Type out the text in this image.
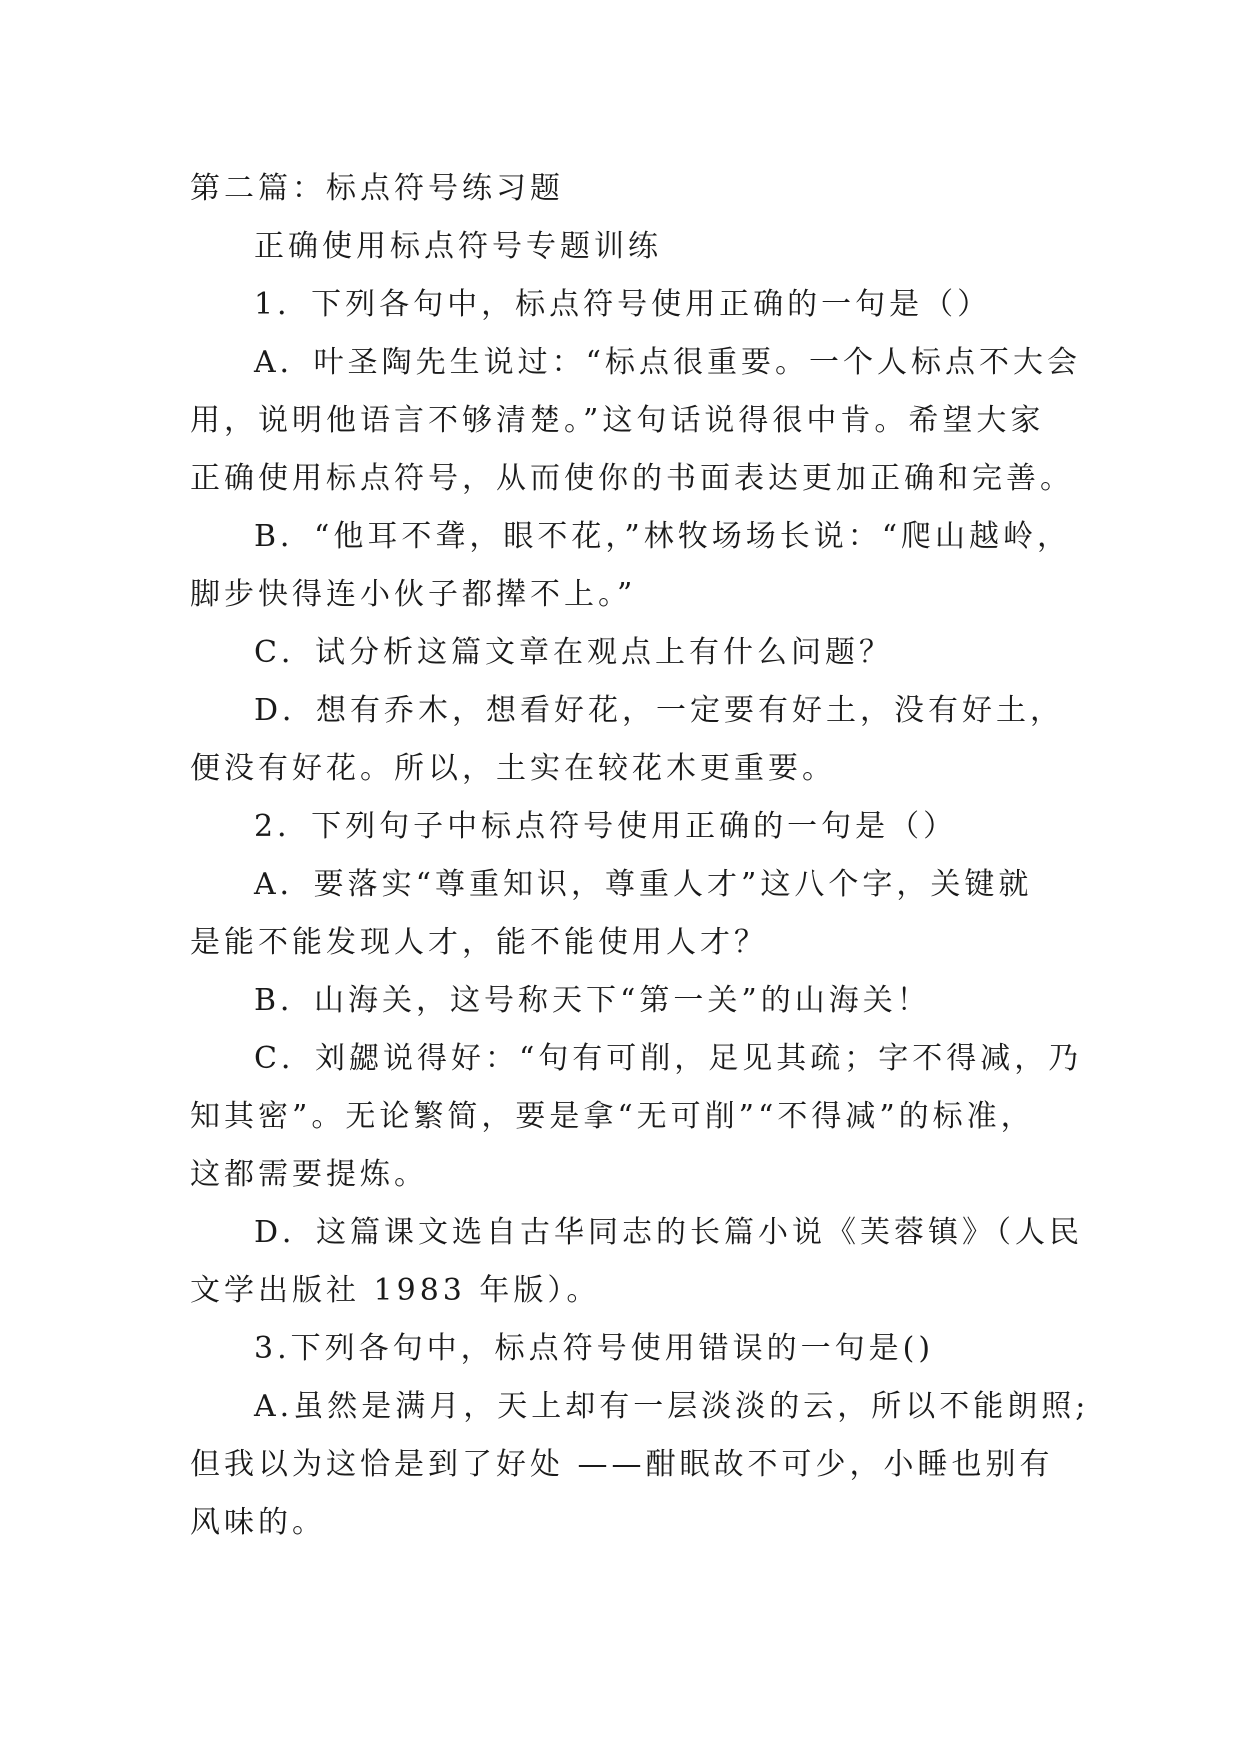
第二篇：标点符号练习题

正确使用标点符号专题训练

1．下列各句中，标点符号使用正确的一句是（）
A．叶圣陶先生说过：“标点很重要。一个人标点不大会
用，说明他语言不够清楚。”这句话说得很中肯。希望大家
正确使用标点符号，从而使你的书面表达更加正确和完善。
B．“他耳不聋，眼不花，”林牧场场长说：“爬山越岭，
脚步快得连小伙子都撵不上。”
C．试分析这篇文章在观点上有什么问题？
D．想有乔木，想看好花，一定要有好土，没有好土，
便没有好花。所以，土实在较花木更重要。
2．下列句子中标点符号使用正确的一句是（）
A．要落实“尊重知识，尊重人才”这八个字，关键就
是能不能发现人才，能不能使用人才？
B．山海关，这号称天下“第一关”的山海关！
C．刘勰说得好：“句有可削，足见其疏；字不得减，乃
知其密”。无论繁简，要是拿“无可削”“不得减”的标准，
这都需要提炼。
D．这篇课文选自古华同志的长篇小说《芙蓉镇》（人民
文学出版社 1983 年版）。
3.下列各句中，标点符号使用错误的一句是()
A.虽然是满月，天上却有一层淡淡的云，所以不能朗照;
但我以为这恰是到了好处 ——酣眠故不可少，小睡也别有
风味的。
